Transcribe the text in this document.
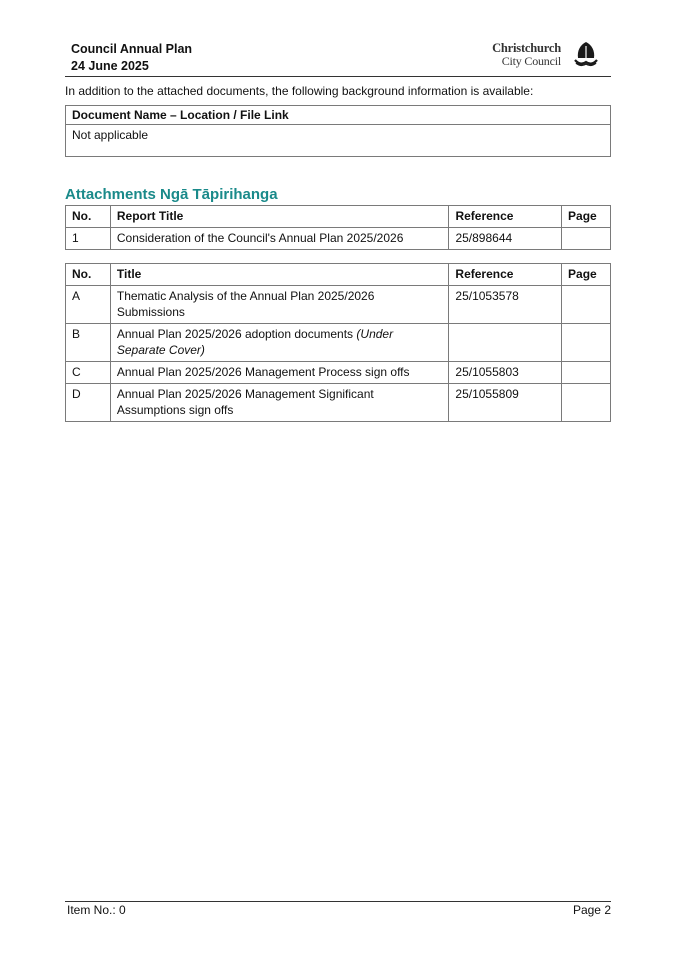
Council Annual Plan
24 June 2025
Christchurch
City Council
In addition to the attached documents, the following background information is available:
Document Name – Location / File Link
Not applicable
Attachments Ngā Tāpirihanga
No.	Report Title	Reference	Page
1	Consideration of the Council's Annual Plan 2025/2026	25/898644	
No.	Title	Reference	Page
A	Thematic Analysis of the Annual Plan 2025/2026 Submissions	25/1053578	
B	Annual Plan 2025/2026 adoption documents (Under Separate Cover)		
C	Annual Plan 2025/2026 Management Process sign offs	25/1055803	
D	Annual Plan 2025/2026 Management Significant Assumptions sign offs	25/1055809	
Item No.: 0	Page 2
